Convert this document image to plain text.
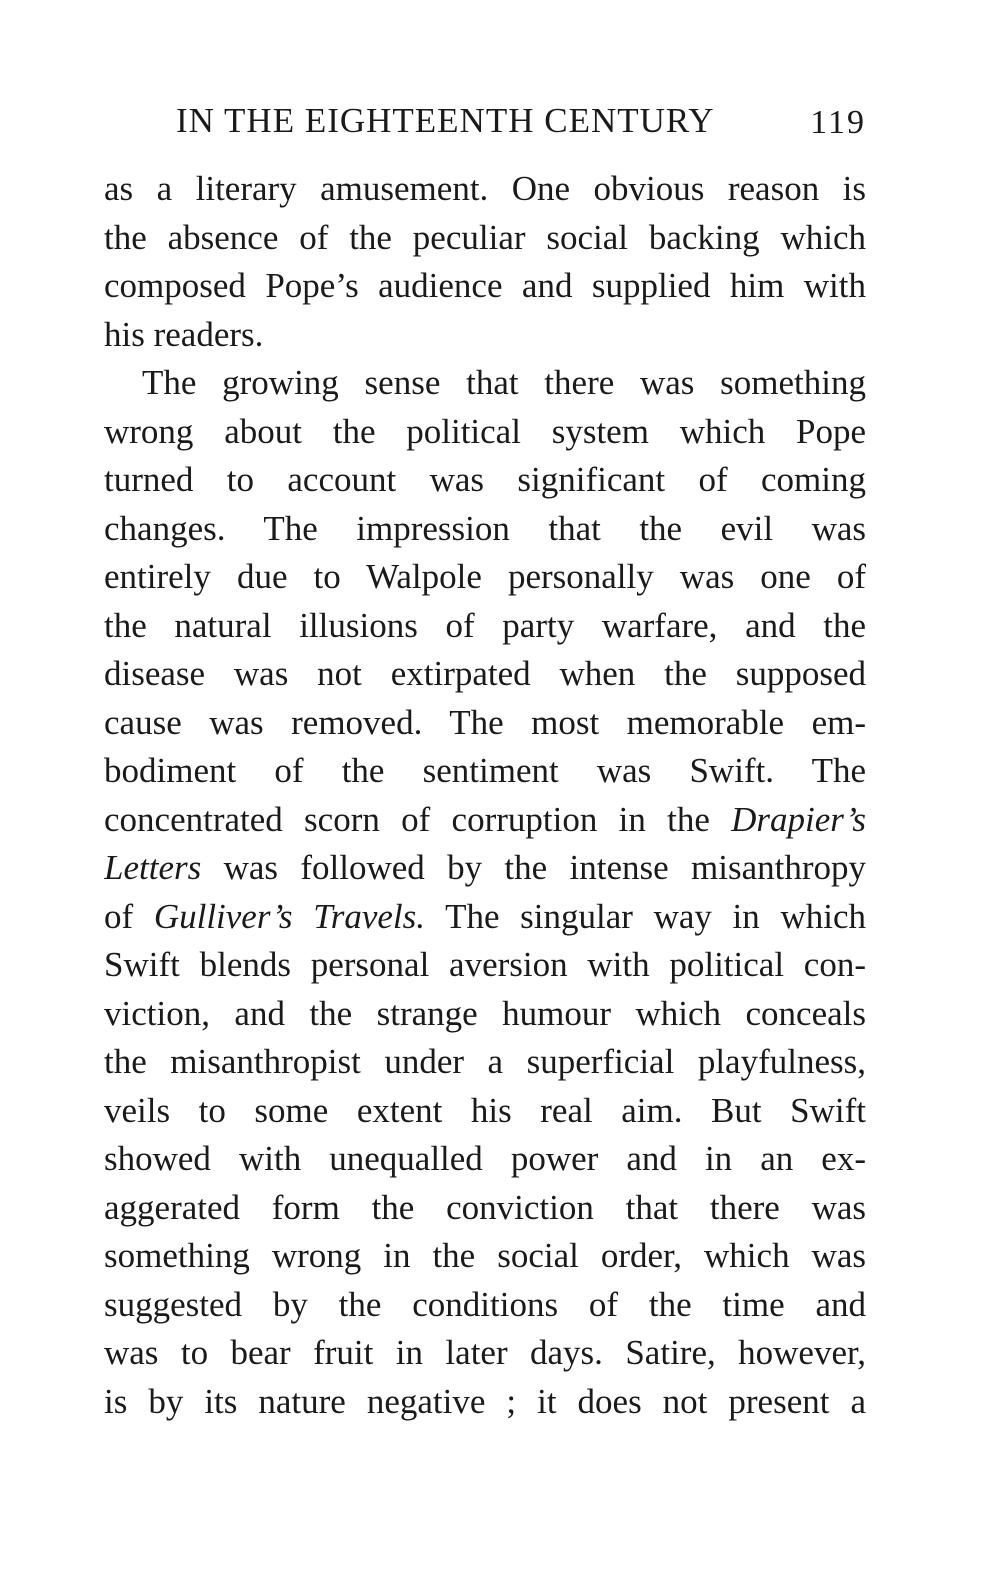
IN THE EIGHTEENTH CENTURY	119
as a literary amusement. One obvious reason is
the absence of the peculiar social backing which
composed Pope’s audience and supplied him with
his readers.
The growing sense that there was something
wrong about the political system which Pope
turned to account was significant of coming
changes. The impression that the evil was
entirely due to Walpole personally was one of
the natural illusions of party warfare, and the
disease was not extirpated when the supposed
cause was removed. The most memorable em-
bodiment of the sentiment was Swift. The
concentrated scorn of corruption in the Drapier’s
Letters was followed by the intense misanthropy
of Gulliver’s Travels. The singular way in which
Swift blends personal aversion with political con-
viction, and the strange humour which conceals
the misanthropist under a superficial playfulness,
veils to some extent his real aim. But Swift
showed with unequalled power and in an ex-
aggerated form the conviction that there was
something wrong in the social order, which was
suggested by the conditions of the time and
was to bear fruit in later days. Satire, however,
is by its nature negative ; it does not present a
